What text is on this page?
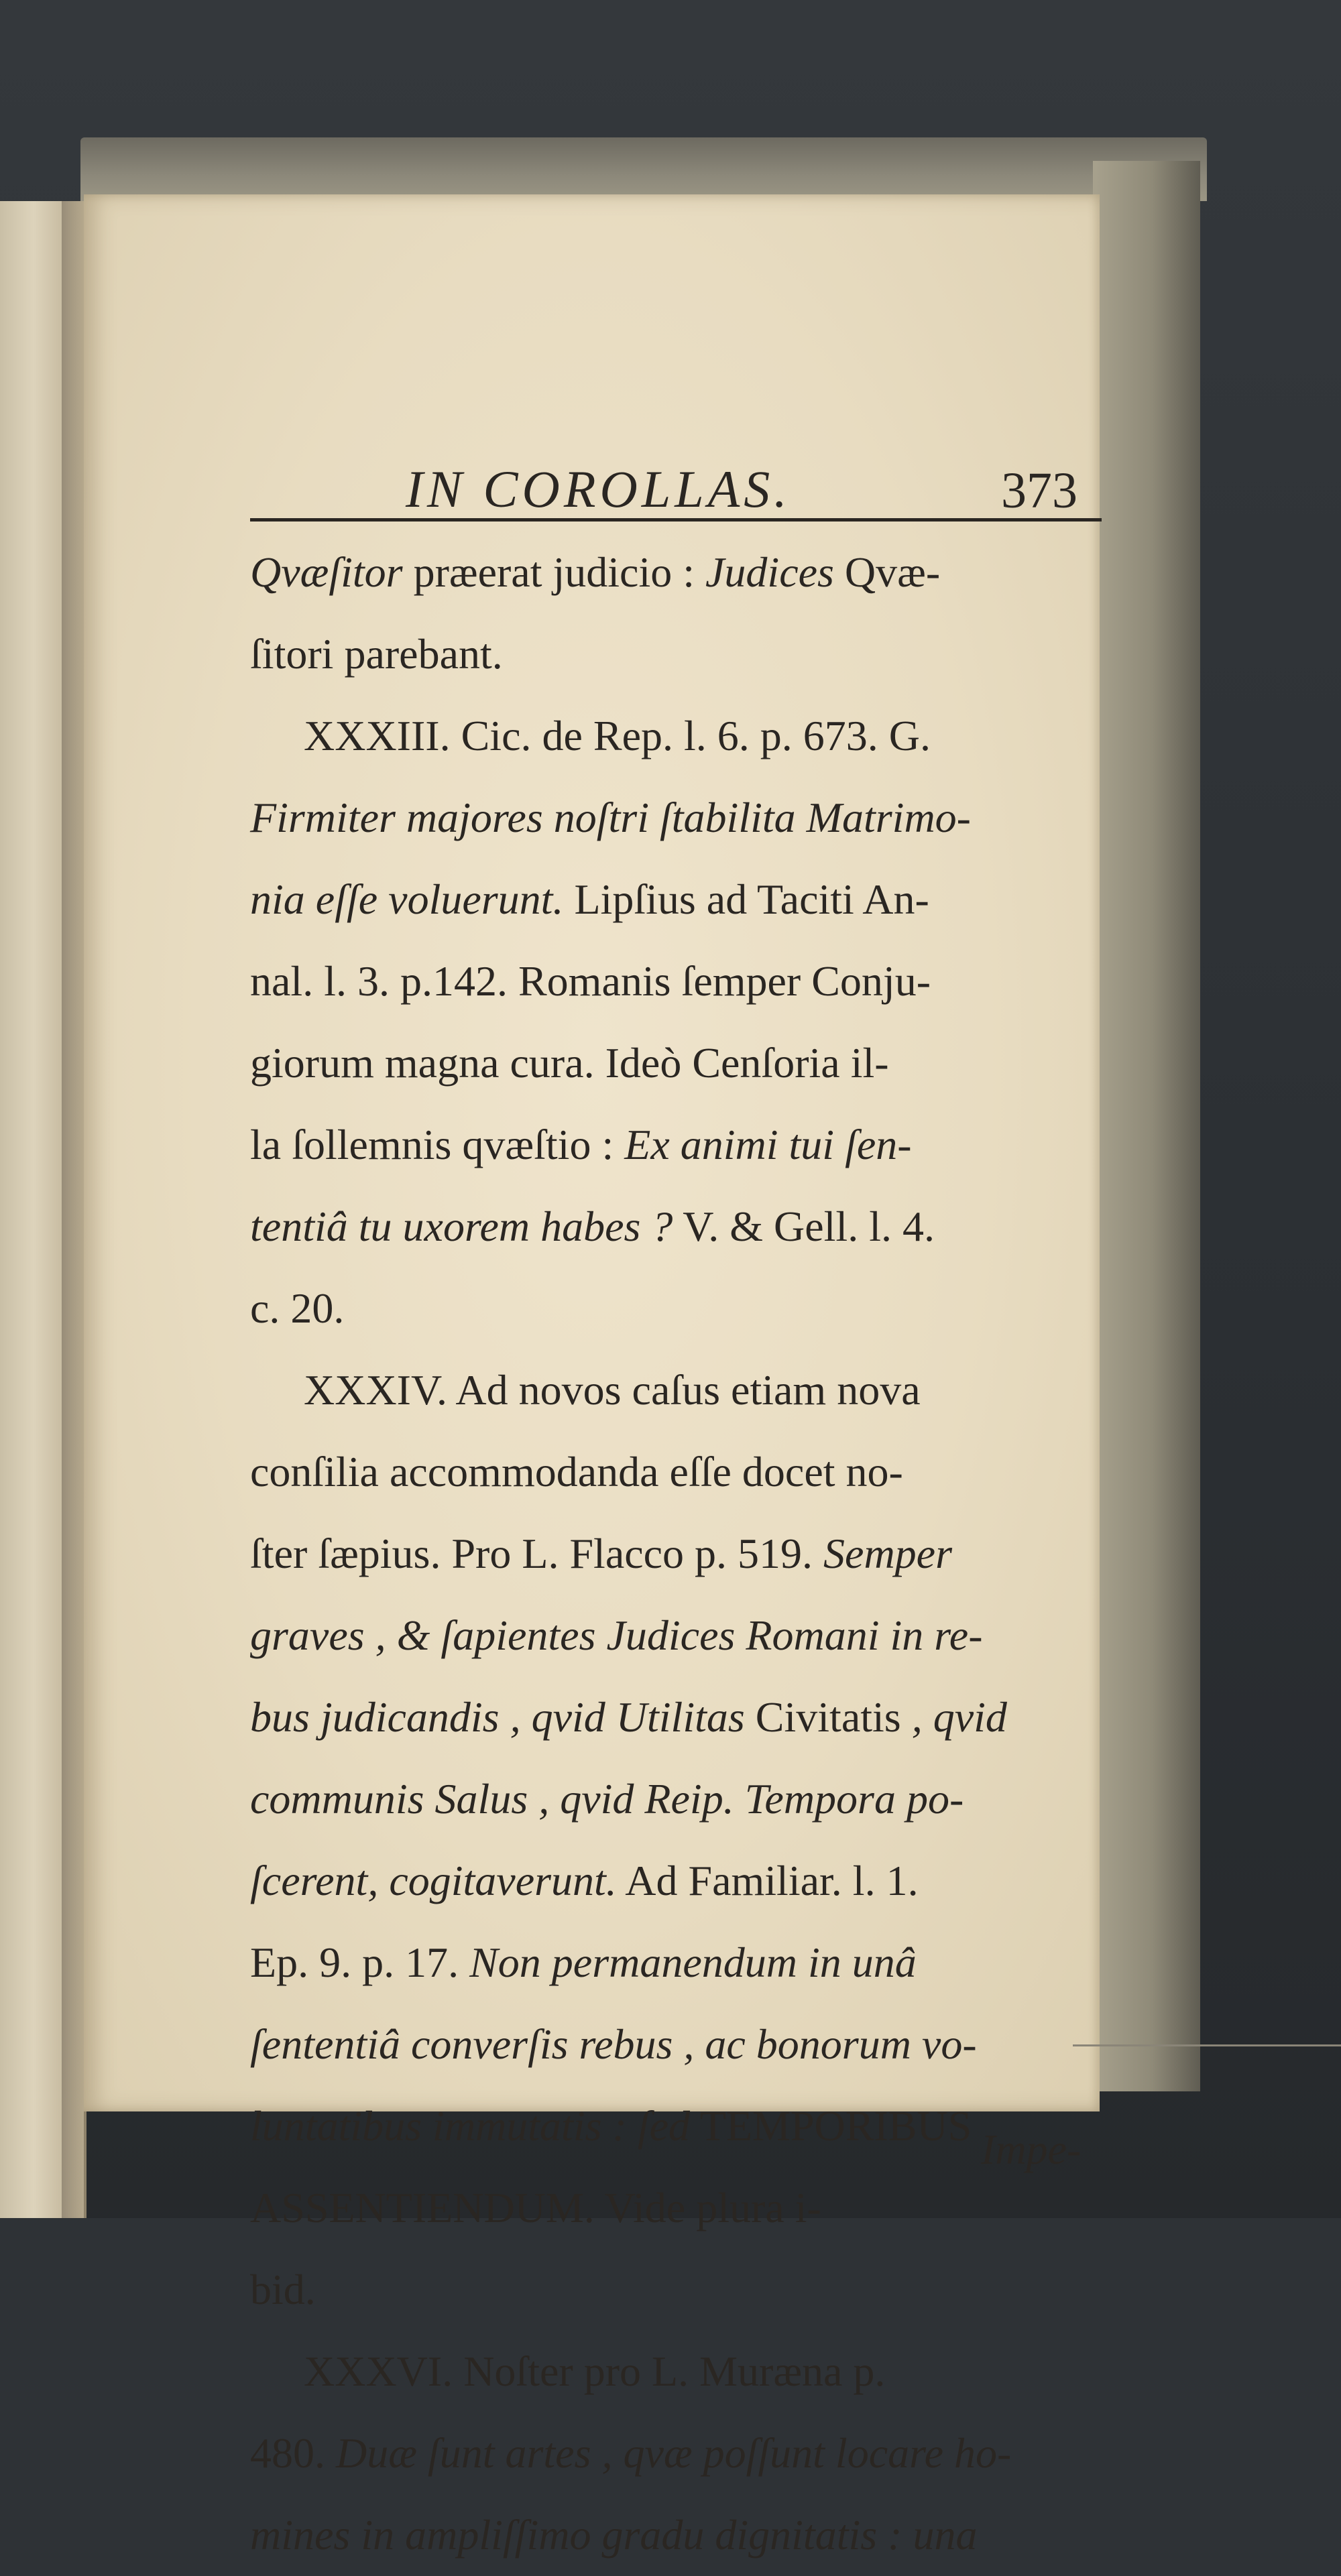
IN COROLLAS.	373
Qvæſitor præerat judicio : Judices Qvæ-
ſitori parebant.
XXXIII. Cic. de Rep. l. 6. p. 673. G.
Firmiter majores noſtri ſtabilita Matrimo-
nia eſſe voluerunt. Lipſius ad Taciti An-
nal. l. 3. p.142. Romanis ſemper Conju-
giorum magna cura. Ideò Cenſoria il-
la ſollemnis qvæſtio : Ex animi tui ſen-
tentiâ tu uxorem habes ? V. & Gell. l. 4.
c. 20.
XXXIV. Ad novos caſus etiam nova
conſilia accommodanda eſſe docet no-
ſter ſæpius. Pro L. Flacco p. 519. Semper
graves , & ſapientes Judices Romani in re-
bus judicandis , qvid Utilitas Civitatis , qvid
communis Salus , qvid Reip. Tempora po-
ſcerent, cogitaverunt. Ad Familiar. l. 1.
Ep. 9. p. 17. Non permanendum in unâ
ſententiâ converſis rebus , ac bonorum vo-
luntatibus immutatis : ſed TEMPORIBUS
ASSENTIENDUM. Vide plura i-
bid.
XXXVI. Noſter pro L. Muræna p.
480. Duæ ſunt artes , qvæ poſſunt locare ho-
mines in ampliſſimo gradu dignitatis : una
Impe-
